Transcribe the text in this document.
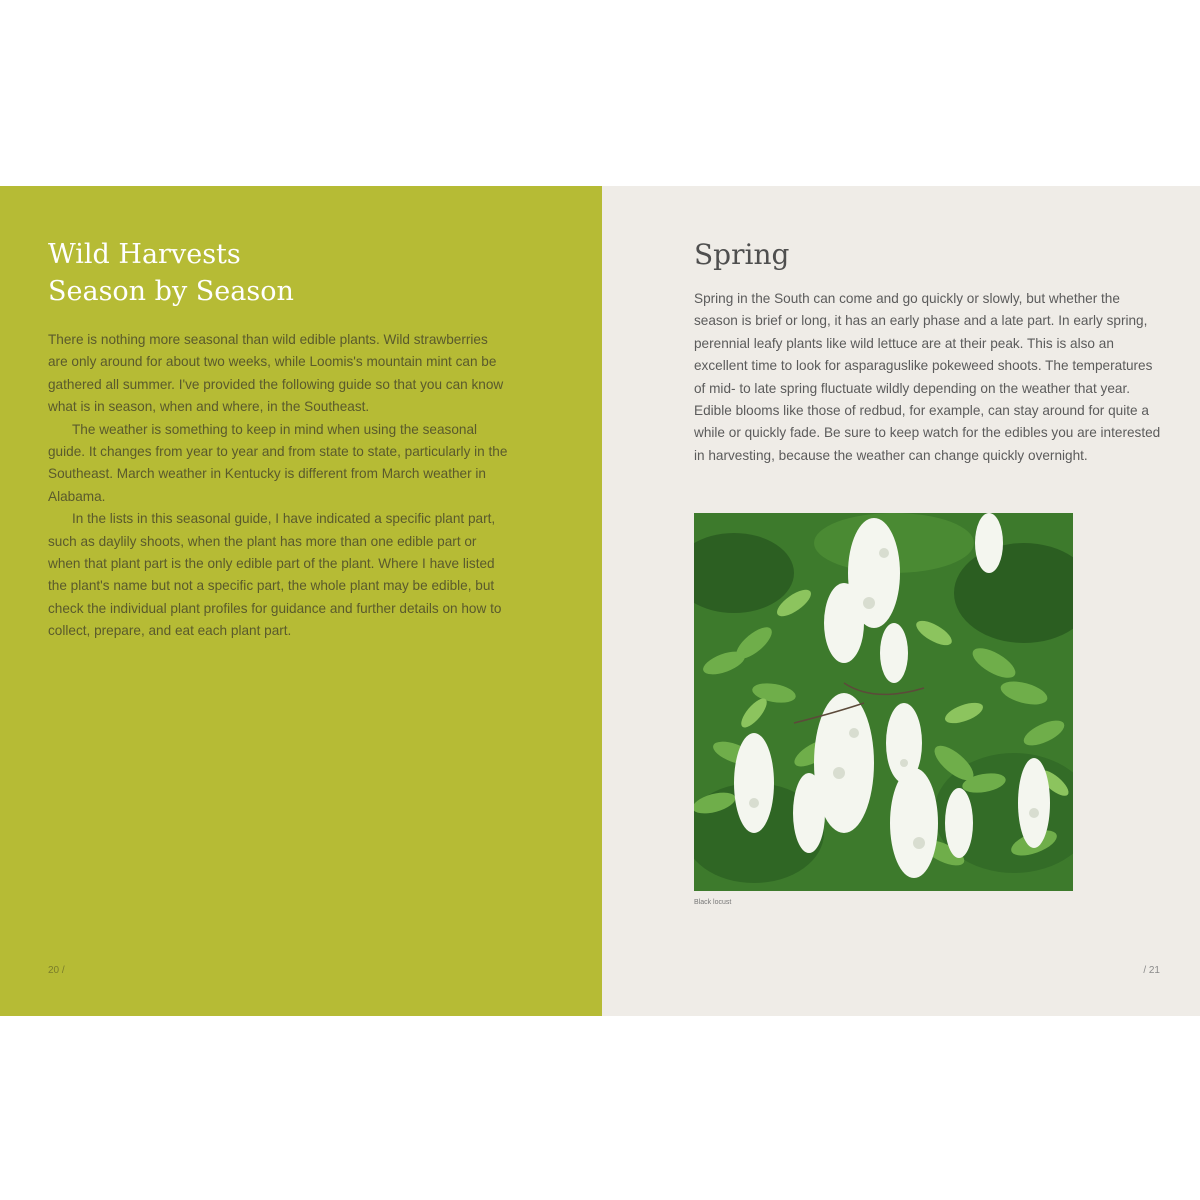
Wild Harvests
Season by Season

There is nothing more seasonal than wild edible plants. Wild strawberries are only around for about two weeks, while Loomis's mountain mint can be gathered all summer. I've provided the following guide so that you can know what is in season, when and where, in the Southeast.

The weather is something to keep in mind when using the seasonal guide. It changes from year to year and from state to state, particularly in the Southeast. March weather in Kentucky is different from March weather in Alabama.

In the lists in this seasonal guide, I have indicated a specific plant part, such as daylily shoots, when the plant has more than one edible part or when that plant part is the only edible part of the plant. Where I have listed the plant's name but not a specific part, the whole plant may be edible, but check the individual plant profiles for guidance and further details on how to collect, prepare, and eat each plant part.

20 /
Spring

Spring in the South can come and go quickly or slowly, but whether the season is brief or long, it has an early phase and a late part. In early spring, perennial leafy plants like wild lettuce are at their peak. This is also an excellent time to look for asparaguslike pokeweed shoots. The temperatures of mid- to late spring fluctuate wildly depending on the weather that year. Edible blooms like those of redbud, for example, can stay around for quite a while or quickly fade. Be sure to keep watch for the edibles you are interested in harvesting, because the weather can change quickly overnight.

Black locust
/ 21
